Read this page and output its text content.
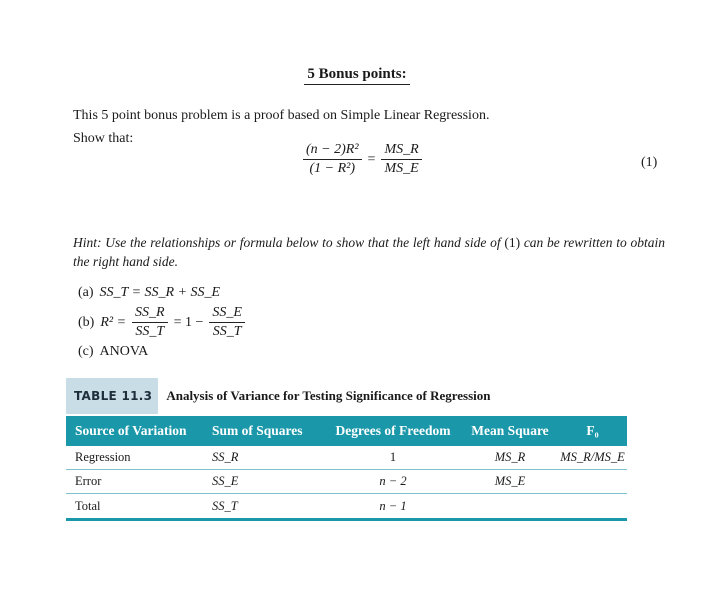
5 Bonus points:
This 5 point bonus problem is a proof based on Simple Linear Regression.
Show that:
$\frac{\text{(n − 2)R²}}{\text{(1 − R²)}} = \frac{MS\_R}{MS\_E}$	(1)
Hint: Use the relationships or formula below to show that the left hand side of (1) can be rewritten to obtain the right hand side.
(a) SS_T = SS_R + SS_E
(b) $R^2 = \frac{SS\_R}{SS\_T} = 1 - \frac{SS\_E}{SS\_T}$
(c) ANOVA
TABLE 11.3	Analysis of Variance for Testing Significance of Regression
Source of Variation	Sum of Squares	Degrees of Freedom	Mean Square	F₀
Regression	SS_R	1	MS_R	MS_R/MS_E
Error	SS_E	n − 2	MS_E
Total	SS_T	n − 1
